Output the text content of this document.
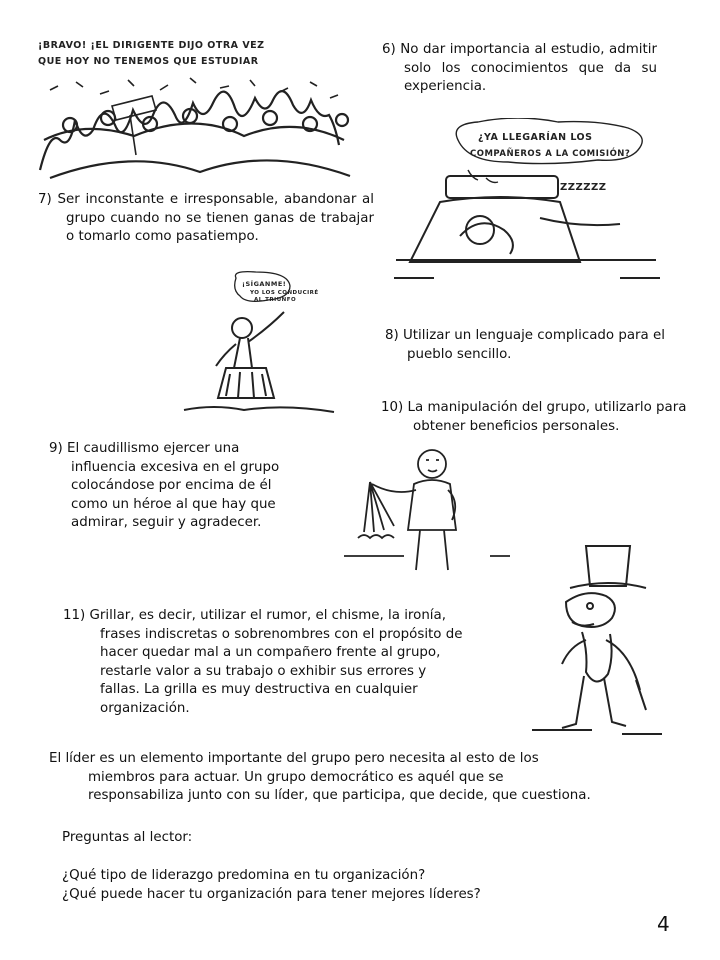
¡BRAVO! ¡EL DIRIGENTE DIJO OTRA VEZ
QUE HOY NO TENEMOS QUE ESTUDIAR

6) No dar importancia al estudio, admitir solo los conocimientos que da su experiencia.

¿YA LLEGARÍAN LOS
COMPAÑEROS A LA COMISIÓN?
ZZZZZZ

7) Ser inconstante e irresponsable, abandonar al grupo cuando no se tienen ganas de trabajar o tomarlo como pasatiempo.

¡SÍGANME!
YO LOS CONDUCIRÉ
AL TRIUNFO

8) Utilizar un lenguaje complicado para el pueblo sencillo.

10) La manipulación del grupo, utilizarlo para obtener beneficios personales.

9) El caudillismo ejercer una influencia excesiva en el grupo colocándose por encima de él como un héroe al que hay que admirar, seguir y agradecer.

11) Grillar, es decir, utilizar el rumor, el chisme, la ironía, frases indiscretas o sobrenombres con el propósito de hacer quedar mal a un compañero frente al grupo, restarle valor a su trabajo o exhibir sus errores y fallas. La grilla es muy destructiva en cualquier organización.

El líder es un elemento importante del grupo pero necesita al esto de los miembros para actuar. Un grupo democrático es aquél que se responsabiliza junto con su líder, que participa, que decide, que cuestiona.

Preguntas al lector:
¿Qué tipo de liderazgo predomina en tu organización?
¿Qué puede hacer tu organización para tener mejores líderes?
4
